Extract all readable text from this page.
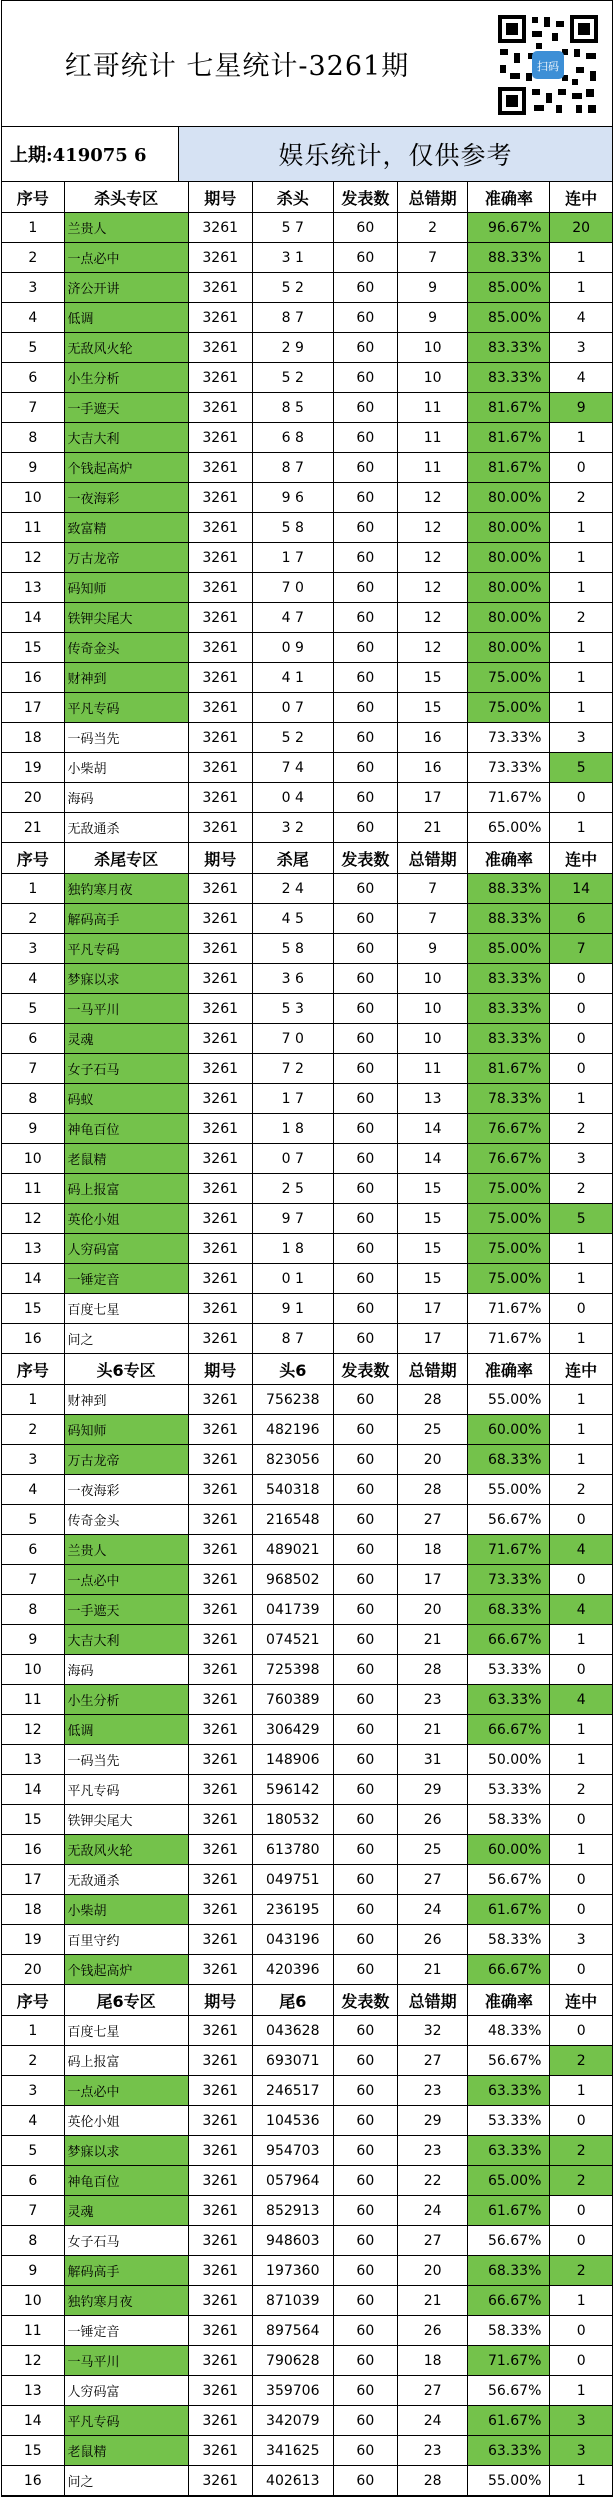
红哥统计 七星统计-3261期	扫码
上期:419075 6	娱乐统计，仅供参考
序号	杀头专区	期号	杀头	发表数	总错期	准确率	连中
1	兰贵人	3261	5 7	60	2	96.67%	20
2	一点必中	3261	3 1	60	7	88.33%	1
3	济公开讲	3261	5 2	60	9	85.00%	1
4	低调	3261	8 7	60	9	85.00%	4
5	无敌风火轮	3261	2 9	60	10	83.33%	3
6	小生分析	3261	5 2	60	10	83.33%	4
7	一手遮天	3261	8 5	60	11	81.67%	9
8	大吉大利	3261	6 8	60	11	81.67%	1
9	个钱起高炉	3261	8 7	60	11	81.67%	0
10	一夜海彩	3261	9 6	60	12	80.00%	2
11	致富精	3261	5 8	60	12	80.00%	1
12	万古龙帝	3261	1 7	60	12	80.00%	1
13	码知师	3261	7 0	60	12	80.00%	1
14	铁钾尖尾大	3261	4 7	60	12	80.00%	2
15	传奇金头	3261	0 9	60	12	80.00%	1
16	财神到	3261	4 1	60	15	75.00%	1
17	平凡专码	3261	0 7	60	15	75.00%	1
18	一码当先	3261	5 2	60	16	73.33%	3
19	小柴胡	3261	7 4	60	16	73.33%	5
20	海码	3261	0 4	60	17	71.67%	0
21	无敌通杀	3261	3 2	60	21	65.00%	1
序号	杀尾专区	期号	杀尾	发表数	总错期	准确率	连中
1	独钓寒月夜	3261	2 4	60	7	88.33%	14
2	解码高手	3261	4 5	60	7	88.33%	6
3	平凡专码	3261	5 8	60	9	85.00%	7
4	梦寐以求	3261	3 6	60	10	83.33%	0
5	一马平川	3261	5 3	60	10	83.33%	0
6	灵魂	3261	7 0	60	10	83.33%	0
7	女子石马	3261	7 2	60	11	81.67%	0
8	码蚁	3261	1 7	60	13	78.33%	1
9	神龟百位	3261	1 8	60	14	76.67%	2
10	老鼠精	3261	0 7	60	14	76.67%	3
11	码上报富	3261	2 5	60	15	75.00%	2
12	英伦小姐	3261	9 7	60	15	75.00%	5
13	人穷码富	3261	1 8	60	15	75.00%	1
14	一锤定音	3261	0 1	60	15	75.00%	1
15	百度七星	3261	9 1	60	17	71.67%	0
16	问之	3261	8 7	60	17	71.67%	1
序号	头6专区	期号	头6	发表数	总错期	准确率	连中
1	财神到	3261	756238	60	28	55.00%	1
2	码知师	3261	482196	60	25	60.00%	1
3	万古龙帝	3261	823056	60	20	68.33%	1
4	一夜海彩	3261	540318	60	28	55.00%	2
5	传奇金头	3261	216548	60	27	56.67%	0
6	兰贵人	3261	489021	60	18	71.67%	4
7	一点必中	3261	968502	60	17	73.33%	0
8	一手遮天	3261	041739	60	20	68.33%	4
9	大吉大利	3261	074521	60	21	66.67%	1
10	海码	3261	725398	60	28	53.33%	0
11	小生分析	3261	760389	60	23	63.33%	4
12	低调	3261	306429	60	21	66.67%	1
13	一码当先	3261	148906	60	31	50.00%	1
14	平凡专码	3261	596142	60	29	53.33%	2
15	铁钾尖尾大	3261	180532	60	26	58.33%	0
16	无敌风火轮	3261	613780	60	25	60.00%	1
17	无敌通杀	3261	049751	60	27	56.67%	0
18	小柴胡	3261	236195	60	24	61.67%	0
19	百里守约	3261	043196	60	26	58.33%	3
20	个钱起高炉	3261	420396	60	21	66.67%	0
序号	尾6专区	期号	尾6	发表数	总错期	准确率	连中
1	百度七星	3261	043628	60	32	48.33%	0
2	码上报富	3261	693071	60	27	56.67%	2
3	一点必中	3261	246517	60	23	63.33%	1
4	英伦小姐	3261	104536	60	29	53.33%	0
5	梦寐以求	3261	954703	60	23	63.33%	2
6	神龟百位	3261	057964	60	22	65.00%	2
7	灵魂	3261	852913	60	24	61.67%	0
8	女子石马	3261	948603	60	27	56.67%	0
9	解码高手	3261	197360	60	20	68.33%	2
10	独钓寒月夜	3261	871039	60	21	66.67%	1
11	一锤定音	3261	897564	60	26	58.33%	0
12	一马平川	3261	790628	60	18	71.67%	0
13	人穷码富	3261	359706	60	27	56.67%	1
14	平凡专码	3261	342079	60	24	61.67%	3
15	老鼠精	3261	341625	60	23	63.33%	3
16	问之	3261	402613	60	28	55.00%	1
